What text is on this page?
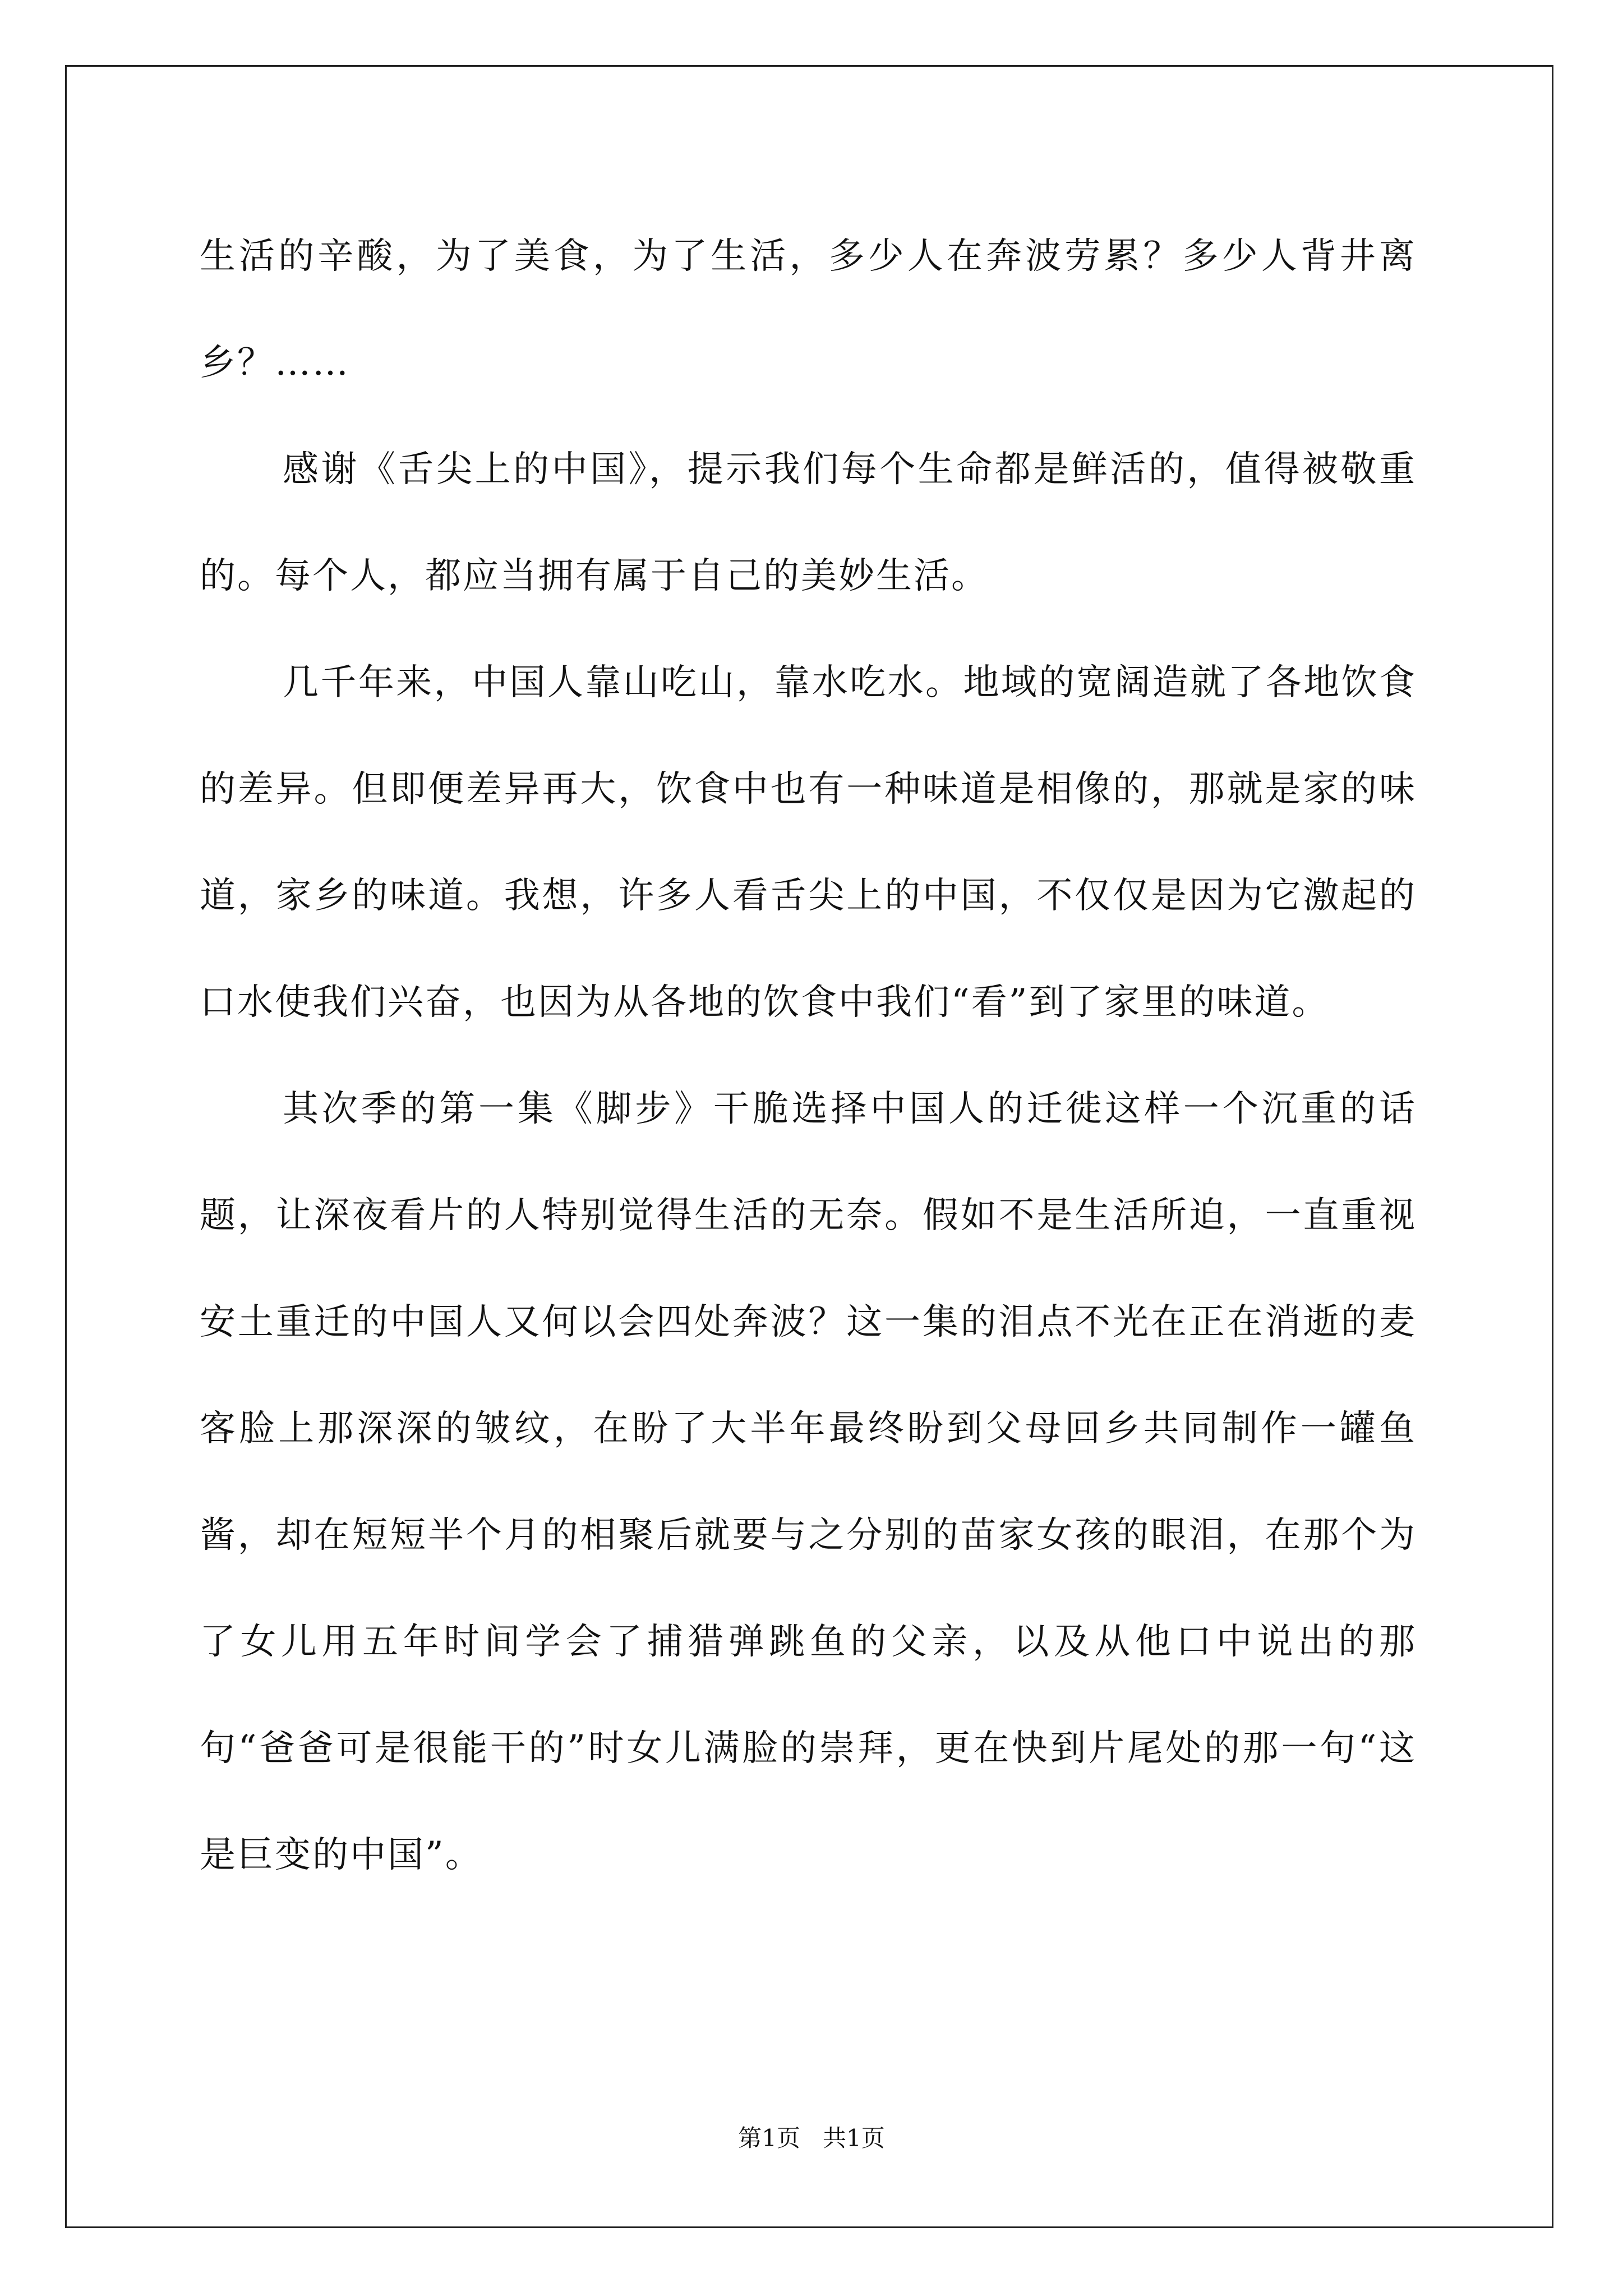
生活的辛酸，为了美食，为了生活，多少人在奔波劳累？多少人背井离乡？……

感谢《舌尖上的中国》，提示我们每个生命都是鲜活的，值得被敬重的。每个人，都应当拥有属于自己的美妙生活。

几千年来，中国人靠山吃山，靠水吃水。地域的宽阔造就了各地饮食的差异。但即便差异再大，饮食中也有一种味道是相像的，那就是家的味道，家乡的味道。我想，许多人看舌尖上的中国，不仅仅是因为它激起的口水使我们兴奋，也因为从各地的饮食中我们“看”到了家里的味道。

其次季的第一集《脚步》干脆选择中国人的迁徙这样一个沉重的话题，让深夜看片的人特别觉得生活的无奈。假如不是生活所迫，一直重视安土重迁的中国人又何以会四处奔波？这一集的泪点不光在正在消逝的麦客脸上那深深的皱纹，在盼了大半年最终盼到父母回乡共同制作一罐鱼酱，却在短短半个月的相聚后就要与之分别的苗家女孩的眼泪，在那个为了女儿用五年时间学会了捕猎弹跳鱼的父亲，以及从他口中说出的那句“爸爸可是很能干的”时女儿满脸的崇拜，更在快到片尾处的那一句“这是巨变的中国”。

第1页   共1页
